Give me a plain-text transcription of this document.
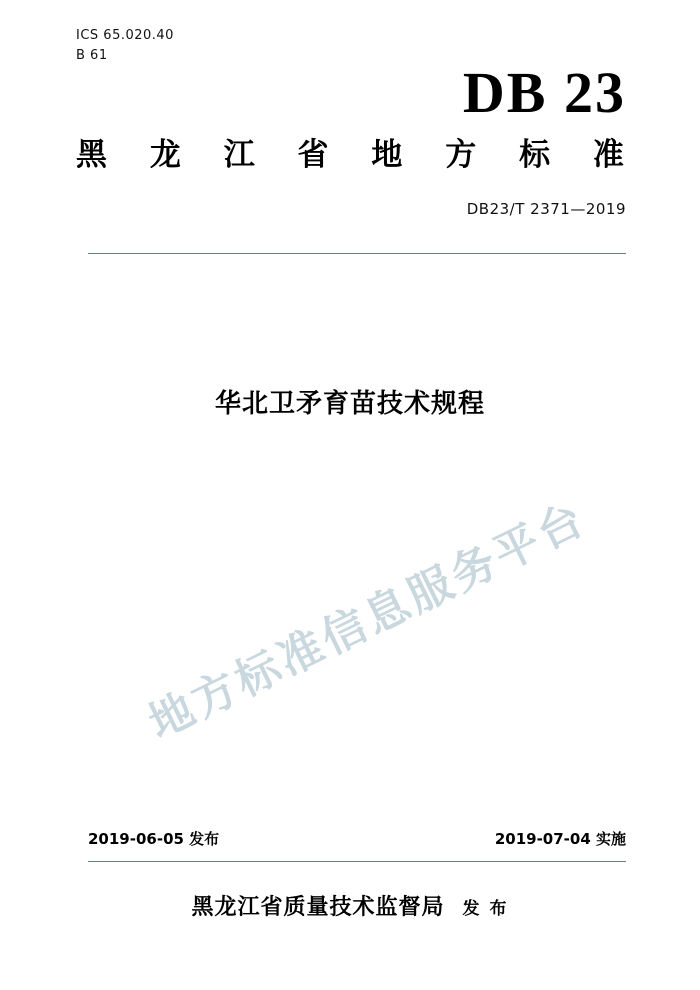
ICS 65.020.40
B 61
DB 23
黑 龙 江 省 地 方 标 准
DB23/T 2371—2019
华北卫矛育苗技术规程
地方标准信息服务平台
2019-06-05 发布	2019-07-04 实施
黑龙江省质量技术监督局 发 布
